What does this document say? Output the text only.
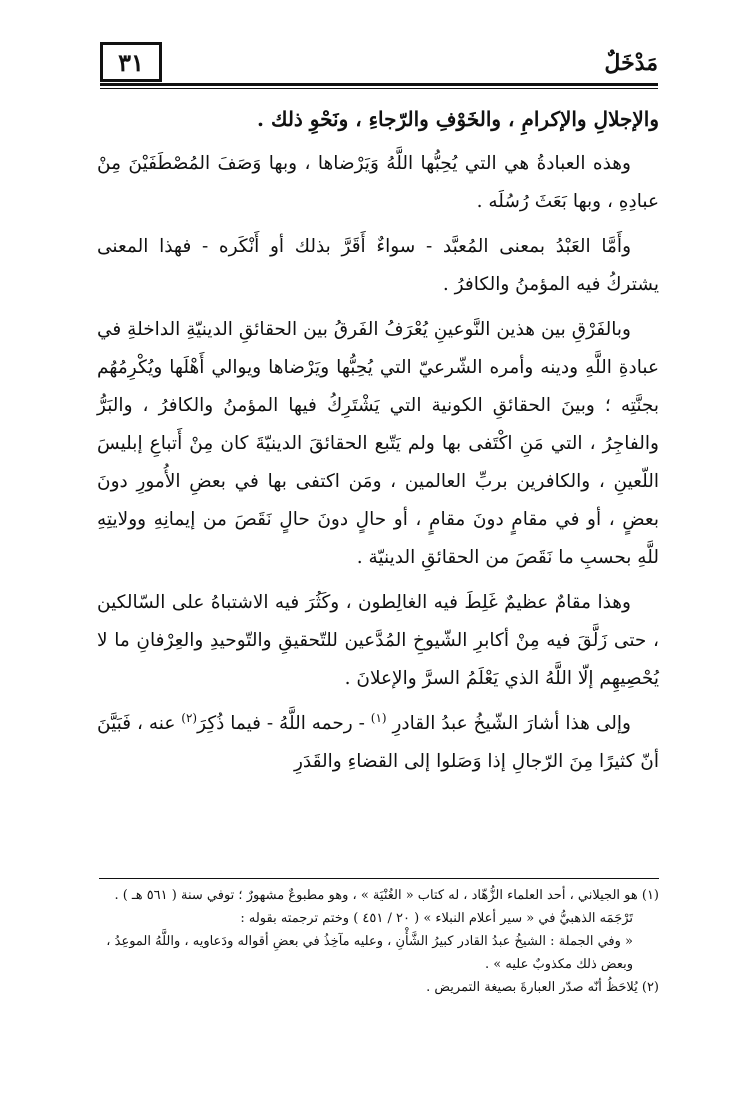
٣١	مَدْخَلٌ

والإجلالِ والإكرامِ ، والخَوْفِ والرّجاءِ ، ونَحْوِ ذلك .

وهذه العبادةُ هي التي يُحِبُّها اللَّهُ وَيَرْضاها ، وبها وَصَفَ المُصْطَفَيْنَ مِنْ عبادِهِ ، وبها بَعَثَ رُسُلَه .

وأَمَّا العَبْدُ بمعنى المُعبَّد - سواءٌ أَقَرَّ بذلك أو أَنْكَره - فهذا المعنى يشتركُ فيه المؤمنُ والكافرُ .

وبالفَرْقِ بين هذين النَّوعينِ يُعْرَفُ الفَرقُ بين الحقائقِ الدينيّةِ الداخلةِ في عبادةِ اللَّهِ ودينه وأمره الشّرعيّ التي يُحِبُّها ويَرْضاها ويوالي أَهْلَها ويُكْرِمُهُم بجنَّتِه ؛ وبينَ الحقائقِ الكونية التي يَشْتَرِكُ فيها المؤمنُ والكافرُ ، والبَرُّ والفاجِرُ ، التي مَنِ اكْتَفى بها ولم يَتّبع الحقائقَ الدينيّةَ كان مِنْ أَتباعِ إبليسَ اللّعينِ ، والكافرين بربِّ العالمين ، ومَن اكتفى بها في بعضِ الأُمورِ دونَ بعضٍ ، أو في مقامٍ دونَ مقامٍ ، أو حالٍ دونَ حالٍ نَقَصَ من إيمانِهِ وولايتِهِ للَّهِ بحسبِ ما نَقَصَ من الحقائقِ الدينيّة .

وهذا مقامٌ عظيمٌ غَلِطَ فيه الغالِطون ، وكَثُرَ فيه الاشتباهُ على السّالكين ، حتى زَلَّقَ فيه مِنْ أكابرِ الشّيوخِ المُدَّعين للتّحقيقِ والتّوحيدِ والعِرْفانِ ما لا يُحْصِيهِم إلّا اللَّهُ الذي يَعْلَمُ السرَّ والإعلانَ .

وإلى هذا أشارَ الشّيخُ عبدُ القادرِ $^{(١)}$ - رحمه اللَّهُ - فيما ذُكِرَ$^{(٢)}$ عنه ، فَبَيَّنَ أنّ كثيرًا مِنَ الرّجالِ إذا وَصَلوا إلى القضاءِ والقَدَرِ

(١) هو الجيلاني ، أحد العلماء الزُّهّاد ، له كتاب « الغُنْيَة » ، وهو مطبوعٌ مشهورٌ ؛ توفي سنة ( ٥٦١ هـ ) .

تَرْجَمَه الذهبيُّ في « سير أعلام النبلاء » ( ٢٠ / ٤٥١ ) وختم ترجمته بقوله :

« وفي الجملة : الشيخُ عبدُ القادر كبيرُ الشَّأْنِ ، وعليه مآخِذُ في بعضِ أقواله ودَعاويه ، واللَّهُ الموعِدُ ، وبعض ذلك مكذوبٌ عليه » .

(٢) يُلاحَظُ أنّه صدّر العبارةَ بصيغة التمريض .
